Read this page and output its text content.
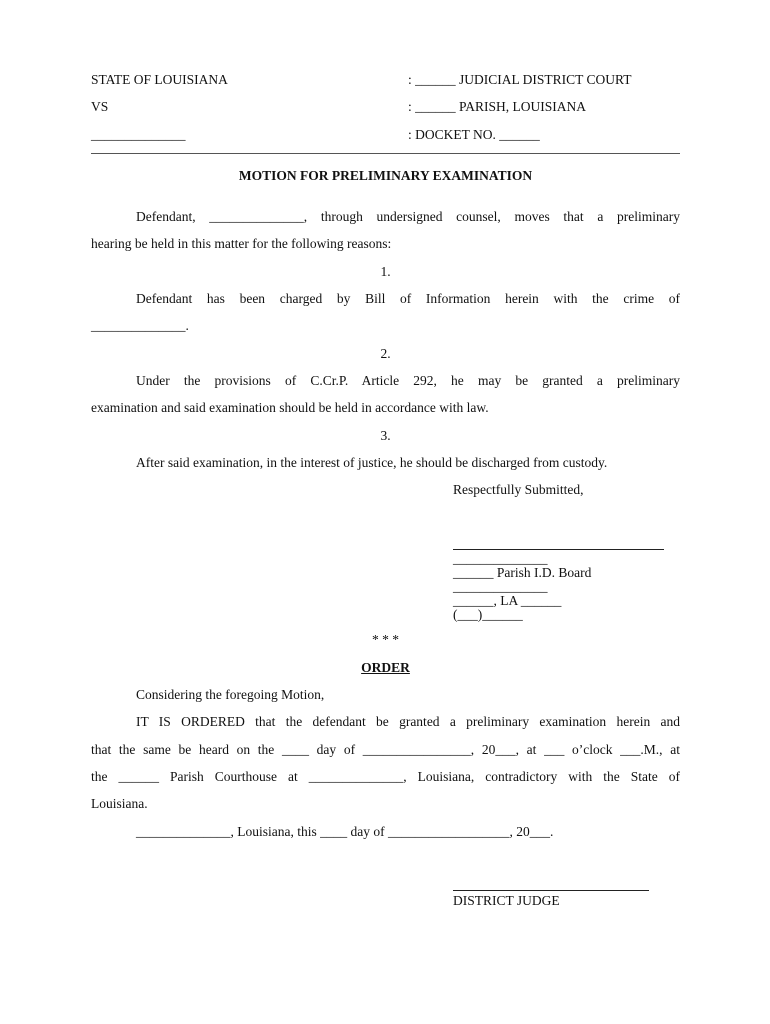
STATE OF LOUISIANA	: ______ JUDICIAL DISTRICT COURT
VS	: ______ PARISH, LOUISIANA
______________	: DOCKET NO. ______
MOTION FOR PRELIMINARY EXAMINATION
Defendant, ______________, through undersigned counsel, moves that a preliminary
hearing be held in this matter for the following reasons:
1.
Defendant has been charged by Bill of Information herein with the crime of
______________.
2.
Under the provisions of C.Cr.P. Article 292, he may be granted a preliminary
examination and said examination should be held in accordance with law.
3.
After said examination, in the interest of justice, he should be discharged from custody.
Respectfully Submitted,
______________
______ Parish I.D. Board
______________
______, LA ______
(___)______
* * *
ORDER
Considering the foregoing Motion,
IT IS ORDERED that the defendant be granted a preliminary examination herein and
that the same be heard on the ____ day of ________________, 20___, at ___ o’clock ___.M., at
the ______ Parish Courthouse at ______________, Louisiana, contradictory with the State of
Louisiana.
______________, Louisiana, this ____ day of __________________, 20___.
DISTRICT JUDGE
